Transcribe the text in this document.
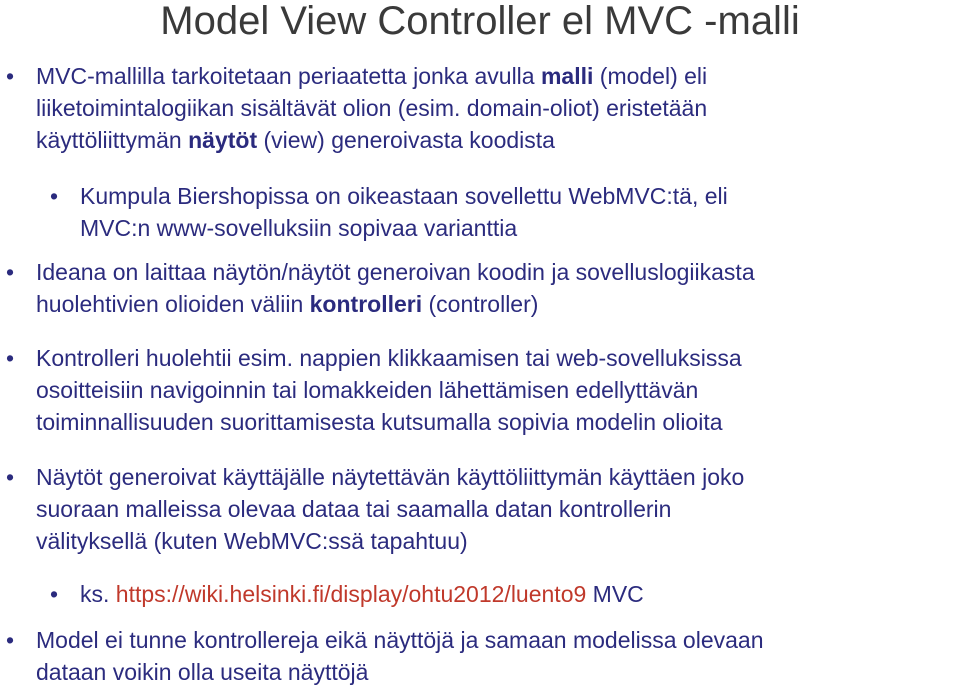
Model View Controller el MVC -malli
• MVC-mallilla tarkoitetaan periaatetta jonka avulla malli (model) eli
liiketoimintalogiikan sisältävät olion (esim. domain-oliot) eristetään
käyttöliittymän näytöt (view) generoivasta koodista
• Kumpula Biershopissa on oikeastaan sovellettu WebMVC:tä, eli
MVC:n www-sovelluksiin sopivaa varianttia
• Ideana on laittaa näytön/näytöt generoivan koodin ja sovelluslogiikasta
huolehtivien olioiden väliin kontrolleri (controller)
• Kontrolleri huolehtii esim. nappien klikkaamisen tai web-sovelluksissa
osoitteisiin navigoinnin tai lomakkeiden lähettämisen edellyttävän
toiminnallisuuden suorittamisesta kutsumalla sopivia modelin olioita
• Näytöt generoivat käyttäjälle näytettävän käyttöliittymän käyttäen joko
suoraan malleissa olevaa dataa tai saamalla datan kontrollerin
välityksellä (kuten WebMVC:ssä tapahtuu)
• ks. https://wiki.helsinki.fi/display/ohtu2012/luento9 MVC
• Model ei tunne kontrollereja eikä näyttöjä ja samaan modelissa olevaan
dataan voikin olla useita näyttöjä
